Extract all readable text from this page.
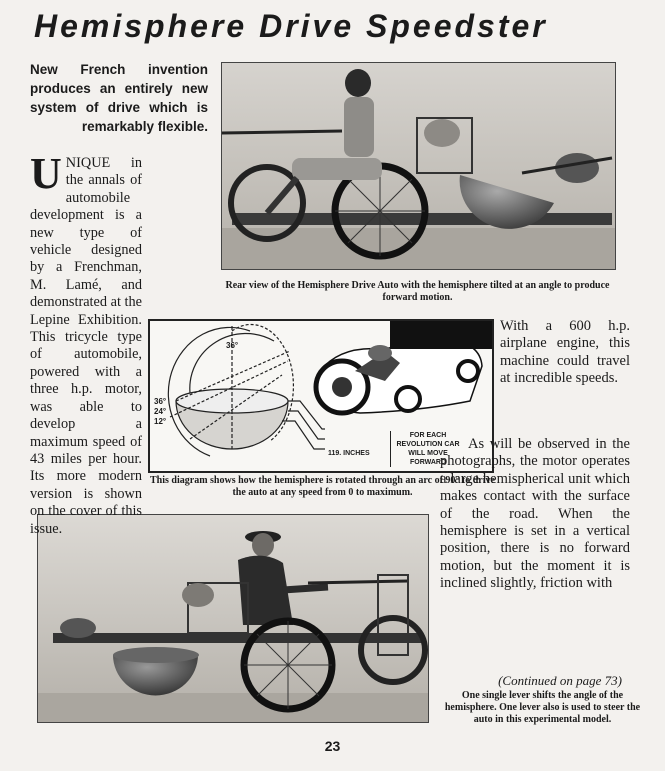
Hemisphere Drive Speedster
New French invention produces an entirely new system of drive which is remarkably flexible.
Rear view of the Hemisphere Drive Auto with the hemisphere tilted at an angle to produce forward motion.
36°
36°
24°
12°

119. INCHES

FOR EACH REVOLUTION CAR WILL MOVE FORWARD
This diagram shows how the hemisphere is rotated through an arc of 90° to drive the auto at any speed from 0 to maximum.

UNIQUE in the annals of automobile development is a new type of vehicle designed by a Frenchman, M. Lamé, and demonstrated at the Lepine Exhibition. This tricycle type of automobile, powered with a three h.p. motor, was able to develop a maximum speed of 43 miles per hour. Its more modern version is shown on the cover of this issue.

With a 600 h.p. airplane engine, this machine could travel at incredible speeds.

As will be observed in the photographs, the motor operates a large hemispherical unit which makes contact with the surface of the road. When the hemisphere is set in a vertical position, there is no forward motion, but the moment it is inclined slightly, friction with

(Continued on page 73)
One single lever shifts the angle of the hemisphere. One lever also is used to steer the auto in this experimental model.
23
